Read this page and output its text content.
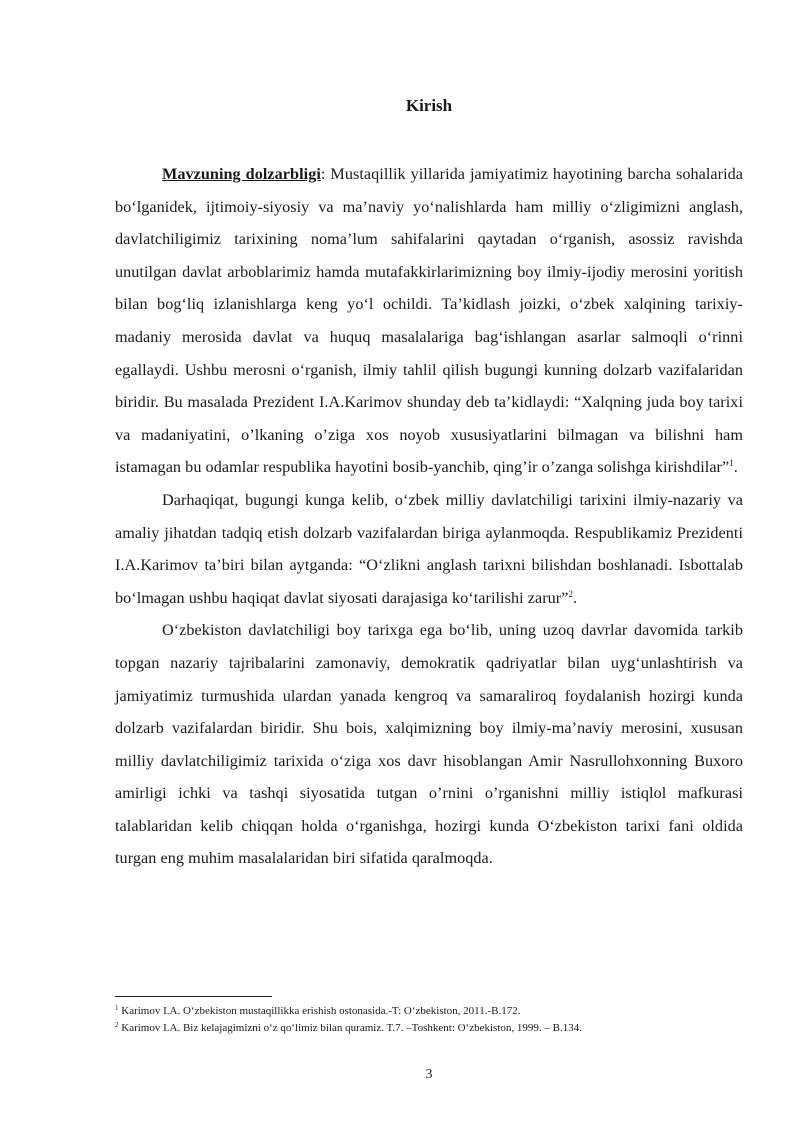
Kirish

Mavzuning dolzarbligi: Mustaqillik yillarida jamiyatimiz hayotining barcha sohalarida bo‘lganidek, ijtimoiy-siyosiy va ma’naviy yo‘nalishlarda ham milliy o‘zligimizni anglash, davlatchiligimiz tarixining noma’lum sahifalarini qaytadan o‘rganish, asossiz ravishda unutilgan davlat arboblarimiz hamda mutafakkirlarimizning boy ilmiy-ijodiy merosini yoritish bilan bog‘liq izlanishlarga keng yo‘l ochildi. Ta’kidlash joizki, o‘zbek xalqining tarixiy-madaniy merosida davlat va huquq masalalariga bag‘ishlangan asarlar salmoqli o‘rinni egallaydi. Ushbu merosni o‘rganish, ilmiy tahlil qilish bugungi kunning dolzarb vazifalaridan biridir. Bu masalada Prezident I.A.Karimov shunday deb ta’kidlaydi: “Xalqning juda boy tarixi va madaniyatini, o’lkaning o’ziga xos noyob xususiyatlarini bilmagan va bilishni ham istamagan bu odamlar respublika hayotini bosib-yanchib, qing’ir o’zanga solishga kirishdilar”$^1$.

Darhaqiqat, bugungi kunga kelib, o‘zbek milliy davlatchiligi tarixini ilmiy-nazariy va amaliy jihatdan tadqiq etish dolzarb vazifalardan biriga aylanmoqda. Respublikamiz Prezidenti I.A.Karimov ta’biri bilan aytganda: “O‘zlikni anglash tarixni bilishdan boshlanadi. Isbottalab bo‘lmagan ushbu haqiqat davlat siyosati darajasiga ko‘tarilishi zarur”$^2$.

O‘zbekiston davlatchiligi boy tarixga ega bo‘lib, uning uzoq davrlar davomida tarkib topgan nazariy tajribalarini zamonaviy, demokratik qadriyatlar bilan uyg‘unlashtirish va jamiyatimiz turmushida ulardan yanada kengroq va samaraliroq foydalanish hozirgi kunda dolzarb vazifalardan biridir. Shu bois, xalqimizning boy ilmiy-ma’naviy merosini, xususan milliy davlatchiligimiz tarixida o‘ziga xos davr hisoblangan Amir Nasrullohxonning Buxoro amirligi ichki va tashqi siyosatida tutgan o’rnini o’rganishni milliy istiqlol mafkurasi talablaridan kelib chiqqan holda o‘rganishga, hozirgi kunda O‘zbekiston tarixi fani oldida turgan eng muhim masalalaridan biri sifatida qaralmoqda.

$^1$ Karimov I.A. O‘zbekiston mustaqillikka erishish ostonasida.-T: O‘zbekiston, 2011.-B.172.

$^2$ Karimov I.A. Biz kelajagimizni o‘z qo‘limiz bilan quramiz. T.7. –Toshkent: O‘zbekiston, 1999. – B.134.

3
